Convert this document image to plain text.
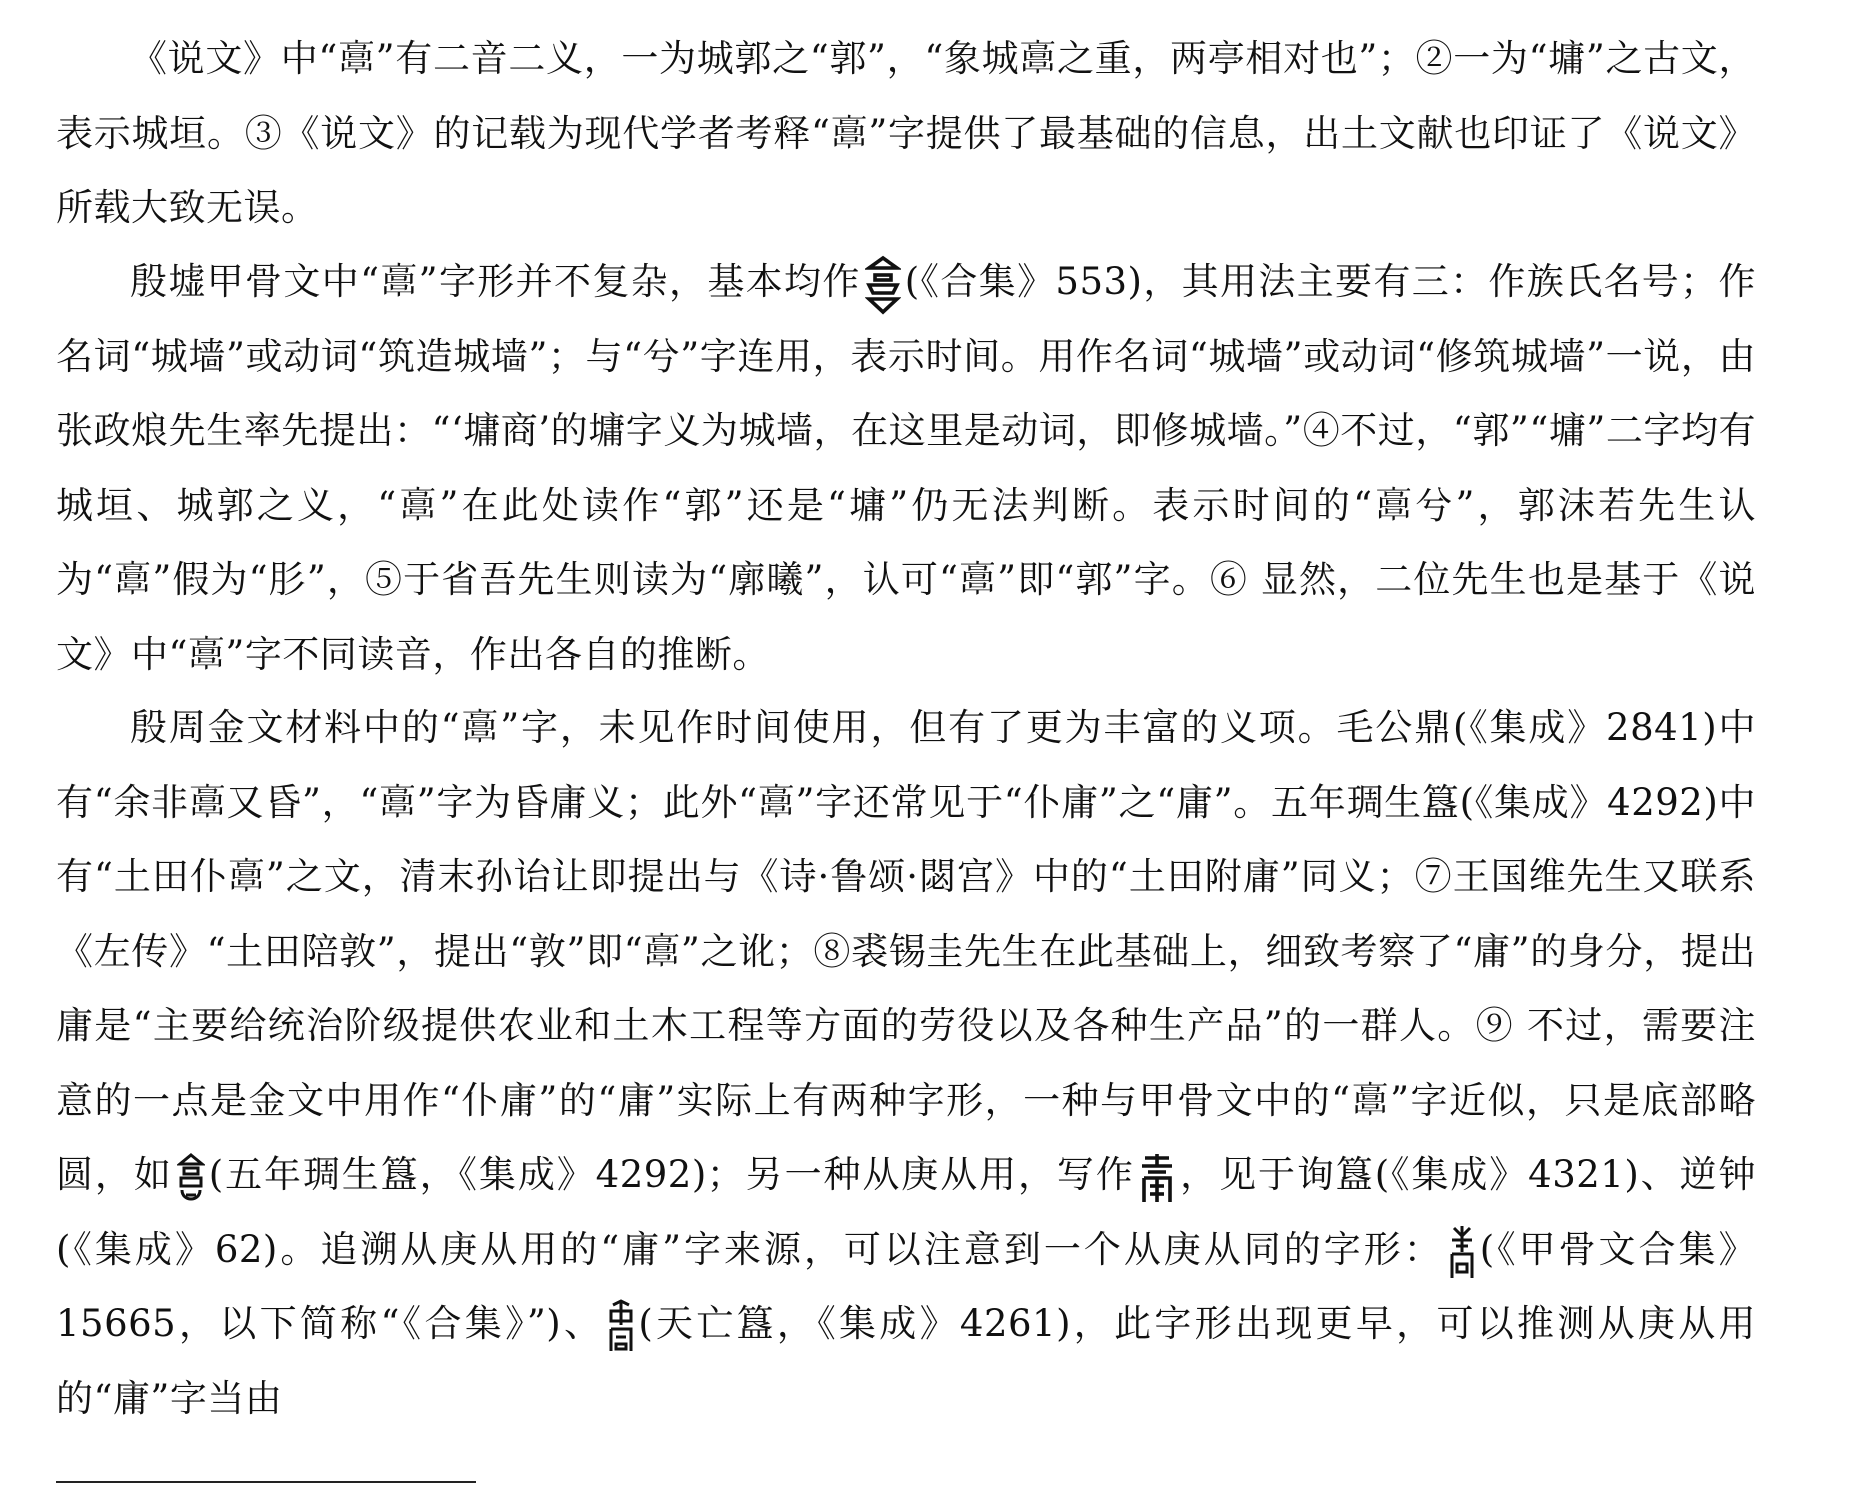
《说文》中“𩫖”有二音二义，一为城郭之“郭”，“象城𩫖之重，两亭相对也”；②一为“墉”之古文，表示城垣。③《说文》的记载为现代学者考释“𩫖”字提供了最基础的信息，出土文献也印证了《说文》所载大致无误。

殷墟甲骨文中“𩫖”字形并不复杂，基本均作 (《合集》553)，其用法主要有三：作族氏名号；作名词“城墙”或动词“筑造城墙”；与“兮”字连用，表示时间。用作名词“城墙”或动词“修筑城墙”一说，由张政烺先生率先提出：“‘墉商’的墉字义为城墙，在这里是动词，即修城墙。”④不过，“郭”“墉”二字均有城垣、城郭之义，“𩫖”在此处读作“郭”还是“墉”仍无法判断。表示时间的“𩫖兮”，郭沫若先生认为“𩫖”假为“肜”，⑤于省吾先生则读为“廓曦”，认可“𩫖”即“郭”字。⑥ 显然，二位先生也是基于《说文》中“𩫖”字不同读音，作出各自的推断。

殷周金文材料中的“𩫖”字，未见作时间使用，但有了更为丰富的义项。毛公鼎(《集成》2841)中有“余非𩫖又昏”，“𩫖”字为昏庸义；此外“𩫖”字还常见于“仆庸”之“庸”。五年琱生簋(《集成》4292)中有“土田仆𩫖”之文，清末孙诒让即提出与《诗·鲁颂·閟宫》中的“土田附庸”同义；⑦王国维先生又联系《左传》“土田陪敦”，提出“敦”即“𩫖”之讹；⑧裘锡圭先生在此基础上，细致考察了“庸”的身分，提出庸是“主要给统治阶级提供农业和土木工程等方面的劳役以及各种生产品”的一群人。⑨ 不过，需要注意的一点是金文中用作“仆庸”的“庸”实际上有两种字形，一种与甲骨文中的“𩫖”字近似，只是底部略圆，如 (五年琱生簋，《集成》4292)；另一种从庚从用，写作 ，见于询簋(《集成》4321)、逆钟(《集成》62)。追溯从庚从用的“庸”字来源，可以注意到一个从庚从同的字形： (《甲骨文合集》15665，以下简称“《合集》”)、 (天亡簋，《集成》4261)，此字形出现更早，可以推测从庚从用的“庸”字当由
